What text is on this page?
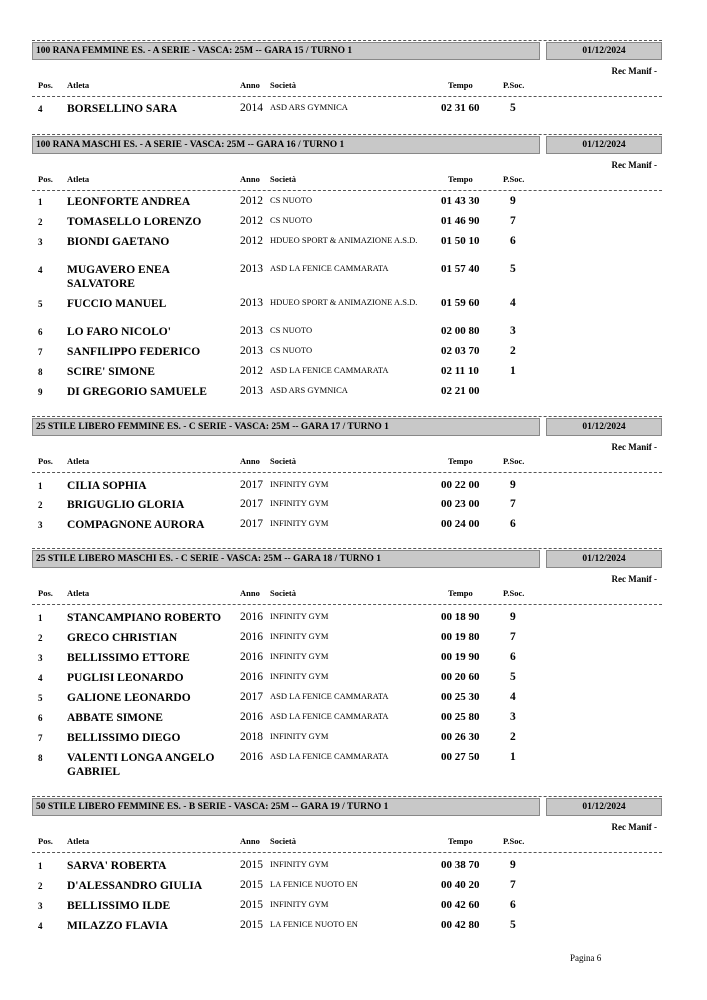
100 RANA FEMMINE ES. - A SERIE - VASCA: 25M -- GARA 15 / TURNO 1	01/12/2024
Rec Manif -
Pos. Atleta	Anno Società	Tempo	P.Soc.
4 BORSELLINO SARA	2014 ASD ARS GYMNICA	02 31 60	5
100 RANA MASCHI ES. - A SERIE - VASCA: 25M -- GARA 16 / TURNO 1	01/12/2024
Rec Manif -
Pos. Atleta	Anno Società	Tempo	P.Soc.
1 LEONFORTE ANDREA	2012 CS NUOTO	01 43 30	9
2 TOMASELLO LORENZO	2012 CS NUOTO	01 46 90	7
3 BIONDI GAETANO	2012 HDUEO SPORT & ANIMAZIONE A.S.D.	01 50 10	6
4 MUGAVERO ENEA SALVATORE
2013 ASD LA FENICE CAMMARATA	01 57 40	5
5 FUCCIO MANUEL	2013 HDUEO SPORT & ANIMAZIONE A.S.D.	01 59 60	4
6 LO FARO NICOLO'	2013 CS NUOTO	02 00 80	3
7 SANFILIPPO FEDERICO	2013 CS NUOTO	02 03 70	2
8 SCIRE' SIMONE	2012 ASD LA FENICE CAMMARATA	02 11 10	1
9 DI GREGORIO SAMUELE	2013 ASD ARS GYMNICA	02 21 00
25 STILE LIBERO FEMMINE ES. - C SERIE - VASCA: 25M -- GARA 17 / TURNO 1	01/12/2024
Rec Manif -
Pos. Atleta	Anno Società	Tempo	P.Soc.
1 CILIA SOPHIA	2017 INFINITY GYM	00 22 00	9
2 BRIGUGLIO GLORIA	2017 INFINITY GYM	00 23 00	7
3 COMPAGNONE AURORA	2017 INFINITY GYM	00 24 00	6
25 STILE LIBERO MASCHI ES. - C SERIE - VASCA: 25M -- GARA 18 / TURNO 1	01/12/2024
Rec Manif -
Pos. Atleta	Anno Società	Tempo	P.Soc.
1 STANCAMPIANO ROBERTO	2016 INFINITY GYM	00 18 90	9
2 GRECO CHRISTIAN	2016 INFINITY GYM	00 19 80	7
3 BELLISSIMO ETTORE	2016 INFINITY GYM	00 19 90	6
4 PUGLISI LEONARDO	2016 INFINITY GYM	00 20 60	5
5 GALIONE LEONARDO	2017 ASD LA FENICE CAMMARATA	00 25 30	4
6 ABBATE SIMONE	2016 ASD LA FENICE CAMMARATA	00 25 80	3
7 BELLISSIMO DIEGO	2018 INFINITY GYM	00 26 30	2
8 VALENTI LONGA ANGELO GABRIEL
2016 ASD LA FENICE CAMMARATA	00 27 50	1
50 STILE LIBERO FEMMINE ES. - B SERIE - VASCA: 25M -- GARA 19 / TURNO 1	01/12/2024
Rec Manif -
Pos. Atleta	Anno Società	Tempo	P.Soc.
1 SARVA' ROBERTA	2015 INFINITY GYM	00 38 70	9
2 D'ALESSANDRO GIULIA	2015 LA FENICE NUOTO EN	00 40 20	7
3 BELLISSIMO ILDE	2015 INFINITY GYM	00 42 60	6
4 MILAZZO FLAVIA	2015 LA FENICE NUOTO EN	00 42 80	5
Pagina 6
